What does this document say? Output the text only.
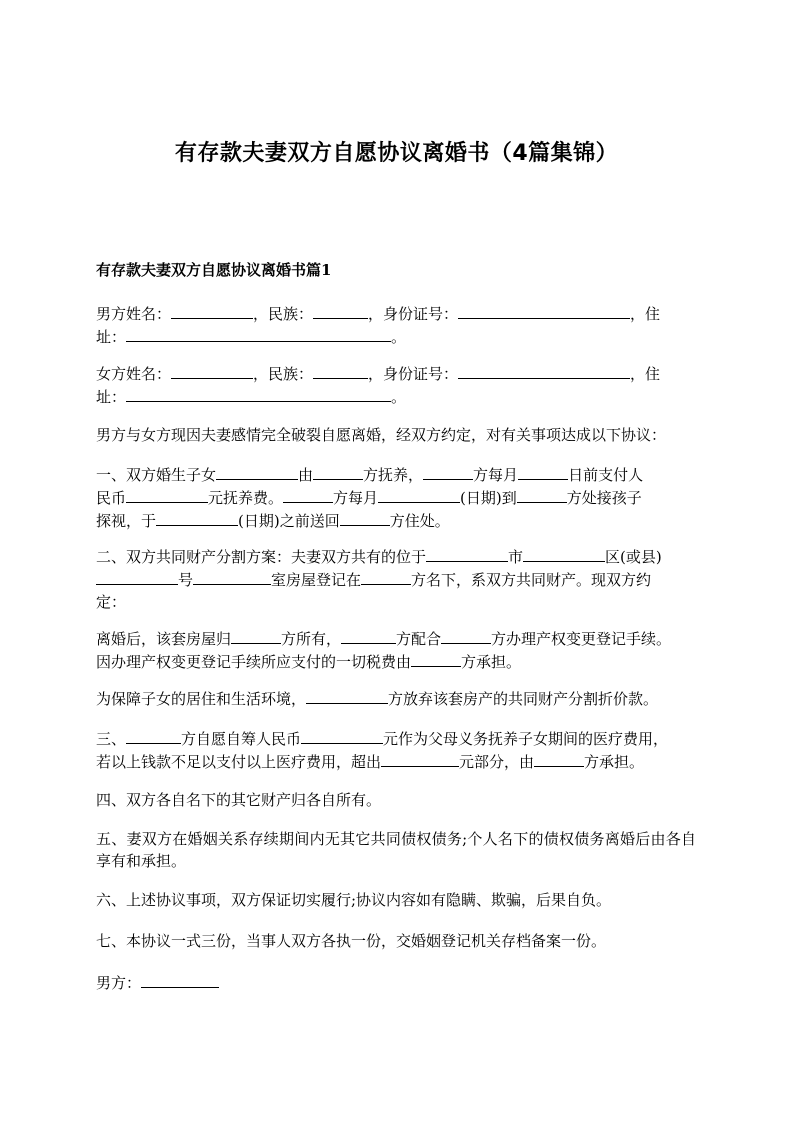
有存款夫妻双方自愿协议离婚书（4篇集锦）
有存款夫妻双方自愿协议离婚书篇1

男方姓名：	，民族：	，身份证号：	，住
址：	。

女方姓名：	，民族：	，身份证号：	，住
址：	。

男方与女方现因夫妻感情完全破裂自愿离婚，经双方约定，对有关事项达成以下协议：

一、双方婚生子女	由	方抚养，	方每月	日前支付人
民币	元抚养费。	方每月	(日期)到	方处接孩子
探视，于	(日期)之前送回	方住处。

二、双方共同财产分割方案：夫妻双方共有的位于	市	区(或县)
号	室房屋登记在	方名下，系双方共同财产。现双方约
定：

离婚后，该套房屋归	方所有，	方配合	方办理产权变更登记手续。
因办理产权变更登记手续所应支付的一切税费由	方承担。

为保障子女的居住和生活环境，	方放弃该套房产的共同财产分割折价款。

三、	方自愿自筹人民币	元作为父母义务抚养子女期间的医疗费用，
若以上钱款不足以支付以上医疗费用，超出	元部分，由	方承担。

四、双方各自名下的其它财产归各自所有。

五、妻双方在婚姻关系存续期间内无其它共同债权债务;个人名下的债权债务离婚后由各自享有和承担。

六、上述协议事项，双方保证切实履行;协议内容如有隐瞒、欺骗，后果自负。

七、本协议一式三份，当事人双方各执一份，交婚姻登记机关存档备案一份。

男方：
